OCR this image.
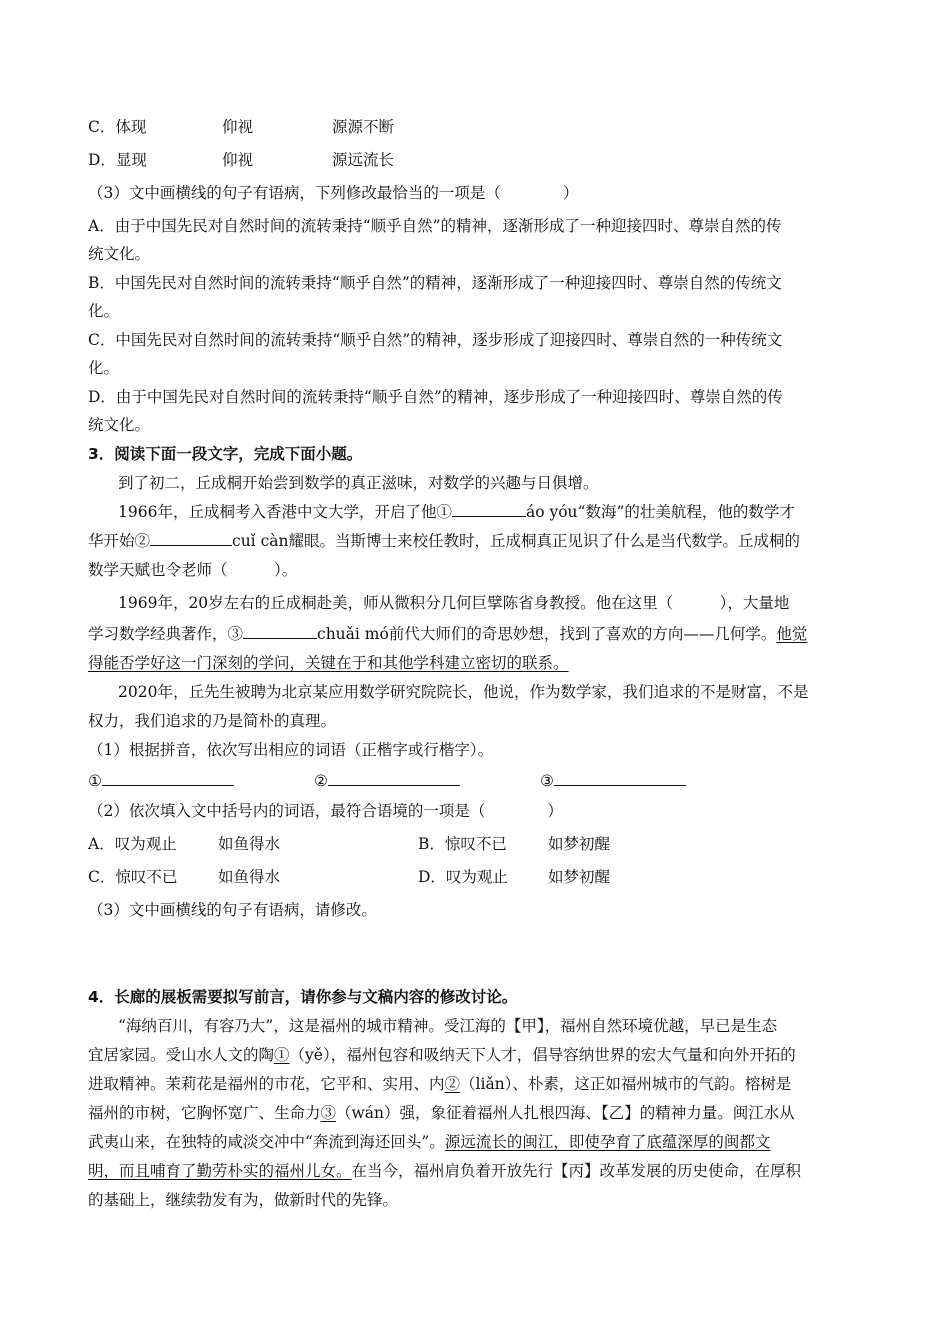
C．体现	仰视	源源不断
D．显现	仰视	源远流长
（3）文中画横线的句子有语病，下列修改最恰当的一项是（　　　　）
A．由于中国先民对自然时间的流转秉持“顺乎自然”的精神，逐渐形成了一种迎接四时、尊崇自然的传
统文化。
B．中国先民对自然时间的流转秉持“顺乎自然”的精神，逐渐形成了一种迎接四时、尊崇自然的传统文
化。
C．中国先民对自然时间的流转秉持“顺乎自然”的精神，逐步形成了迎接四时、尊崇自然的一种传统文
化。
D．由于中国先民对自然时间的流转秉持“顺乎自然”的精神，逐步形成了一种迎接四时、尊崇自然的传
统文化。
3．阅读下面一段文字，完成下面小题。
到了初二，丘成桐开始尝到数学的真正滋味，对数学的兴趣与日俱增。
1966年，丘成桐考入香港中文大学，开启了他①	áo yóu“数海”的壮美航程，他的数学才
华开始②	cuǐ càn耀眼。当斯博士来校任教时，丘成桐真正见识了什么是当代数学。丘成桐的
数学天赋也令老师（　　　）。
1969年，20岁左右的丘成桐赴美，师从微积分几何巨擘陈省身教授。他在这里（　　　），大量地
学习数学经典著作，③	chuǎi mó前代大师们的奇思妙想，找到了喜欢的方向——几何学。他觉
得能否学好这一门深刻的学问，关键在于和其他学科建立密切的联系。
2020年，丘先生被聘为北京某应用数学研究院院长，他说，作为数学家，我们追求的不是财富，不是
权力，我们追求的乃是简朴的真理。
（1）根据拼音，依次写出相应的词语（正楷字或行楷字）。
①	②	③
（2）依次填入文中括号内的词语，最符合语境的一项是（　　　　）
A．叹为观止	如鱼得水	B．惊叹不已	如梦初醒
C．惊叹不已	如鱼得水	D．叹为观止	如梦初醒
（3）文中画横线的句子有语病，请修改。
4．长廊的展板需要拟写前言，请你参与文稿内容的修改讨论。
“海纳百川，有容乃大”，这是福州的城市精神。受江海的【甲】，福州自然环境优越，早已是生态
宜居家园。受山水人文的陶①（yě），福州包容和吸纳天下人才，倡导容纳世界的宏大气量和向外开拓的
进取精神。茉莉花是福州的市花，它平和、实用、内②（liǎn）、朴素，这正如福州城市的气韵。榕树是
福州的市树，它胸怀宽广、生命力③（wán）强，象征着福州人扎根四海、【乙】的精神力量。闽江水从
武夷山来，在独特的咸淡交冲中“奔流到海还回头”。源远流长的闽江，即使孕育了底蕴深厚的闽都文
明，而且哺育了勤劳朴实的福州儿女。在当今，福州肩负着开放先行【丙】改革发展的历史使命，在厚积
的基础上，继续勃发有为，做新时代的先锋。
